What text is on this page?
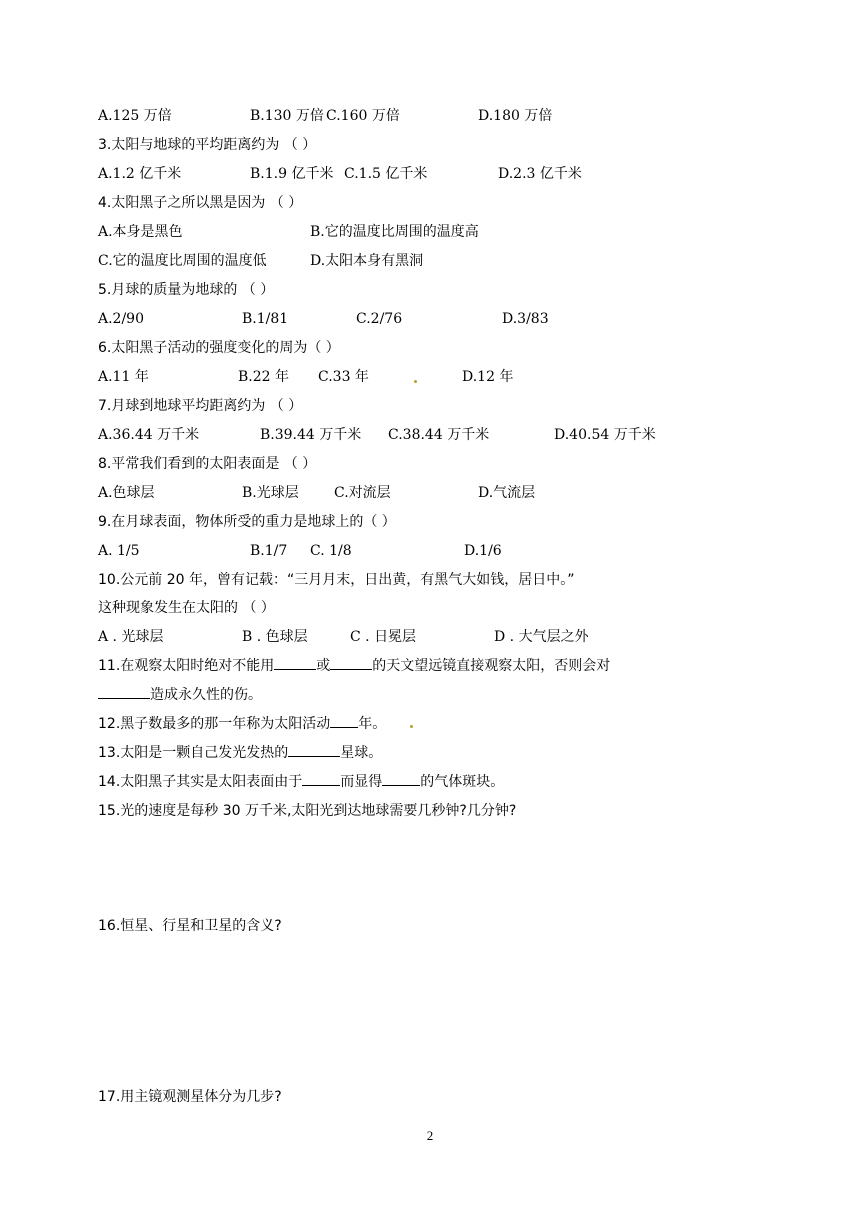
A.125 万倍	B.130 万倍 C.160 万倍	D.180 万倍
3.太阳与地球的平均距离约为 （ ）
A.1.2 亿千米	B.1.9 亿千米 C.1.5 亿千米	D.2.3 亿千米
4.太阳黑子之所以黑是因为 （ ）
A.本身是黑色	B.它的温度比周围的温度高
C.它的温度比周围的温度低	D.太阳本身有黑洞
5.月球的质量为地球的 （ ）
A.2/90	B.1/81	C.2/76	D.3/83
6.太阳黑子活动的强度变化的周为（ ）
A.11 年	B.22 年 C.33 年	D.12 年
7.月球到地球平均距离约为 （ ）
A.36.44 万千米	B.39.44 万千米 C.38.44 万千米	D.40.54 万千米
8.平常我们看到的太阳表面是 （ ）
A.色球层	B.光球层	C.对流层	D.气流层
9.在月球表面，物体所受的重力是地球上的（ ）
A. 1/5	B.1/7 C. 1/8	D.1/6
10.公元前 20 年，曾有记载：“三月月末，日出黄，有黑气大如钱，居日中。”
这种现象发生在太阳的 （ ）
A . 光球层	B . 色球层	C . 日冕层	D . 大气层之外
11.在观察太阳时绝对不能用	或	的天文望远镜直接观察太阳，否则会对
造成永久性的伤。
12.黑子数最多的那一年称为太阳活动 年。
13.太阳是一颗自己发光发热的	星球。
14.太阳黑子其实是太阳表面由于	而显得	的气体斑块。
15.光的速度是每秒 30 万千米,太阳光到达地球需要几秒钟?几分钟?
16.恒星、行星和卫星的含义?
17.用主镜观测星体分为几步?
2
